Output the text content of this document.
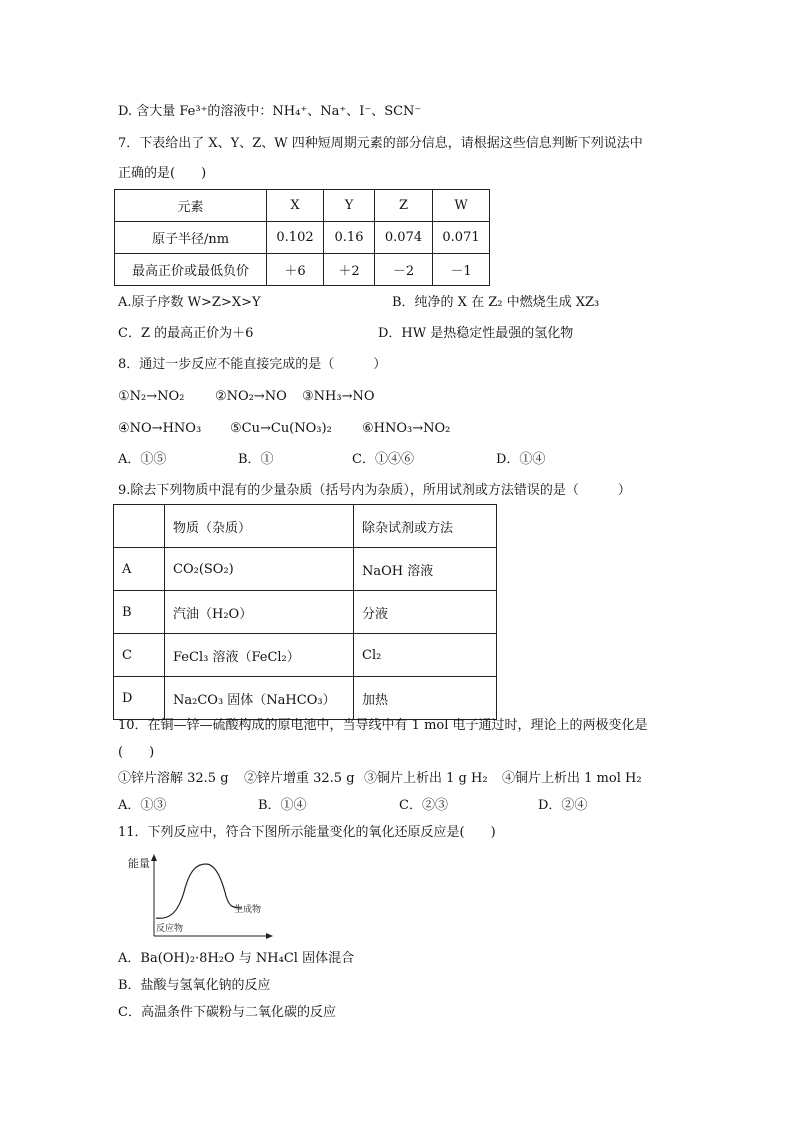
D. 含大量 Fe³⁺的溶液中：NH₄⁺、Na⁺、I⁻、SCN⁻
7．下表给出了 X、Y、Z、W 四种短周期元素的部分信息，请根据这些信息判断下列说法中
正确的是(　　)
元素	X	Y	Z	W
原子半径/nm	0.102	0.16	0.074	0.071
最高正价或最低负价	＋6	＋2	－2	－1
A.原子序数 W>Z>X>Y	B．纯净的 X 在 Z₂ 中燃烧生成 XZ₃
C．Z 的最高正价为＋6	D．HW 是热稳定性最强的氢化物
8．通过一步反应不能直接完成的是（　　　）
①N₂→NO₂ ②NO₂→NO ③NH₃→NO
④NO→HNO₃ ⑤Cu→Cu(NO₃)₂ ⑥HNO₃→NO₂
A．①⑤	B．①	C．①④⑥	D．①④
9.除去下列物质中混有的少量杂质（括号内为杂质），所用试剂或方法错误的是（　　　）
	物质（杂质）	除杂试剂或方法
A	CO₂(SO₂)	NaOH 溶液
B	汽油（H₂O）	分液
C	FeCl₃ 溶液（FeCl₂）	Cl₂
D	Na₂CO₃ 固体（NaHCO₃）	加热
10．在铜—锌—硫酸构成的原电池中，当导线中有 1 mol 电子通过时，理论上的两极变化是
(　　)
①锌片溶解 32.5 g ②锌片增重 32.5 g ③铜片上析出 1 g H₂ ④铜片上析出 1 mol H₂
A．①③	B．①④	C．②③	D．②④
11．下列反应中，符合下图所示能量变化的氧化还原反应是(　　)
能量
生成物
反应物
A．Ba(OH)₂·8H₂O 与 NH₄Cl 固体混合
B．盐酸与氢氧化钠的反应
C．高温条件下碳粉与二氧化碳的反应
